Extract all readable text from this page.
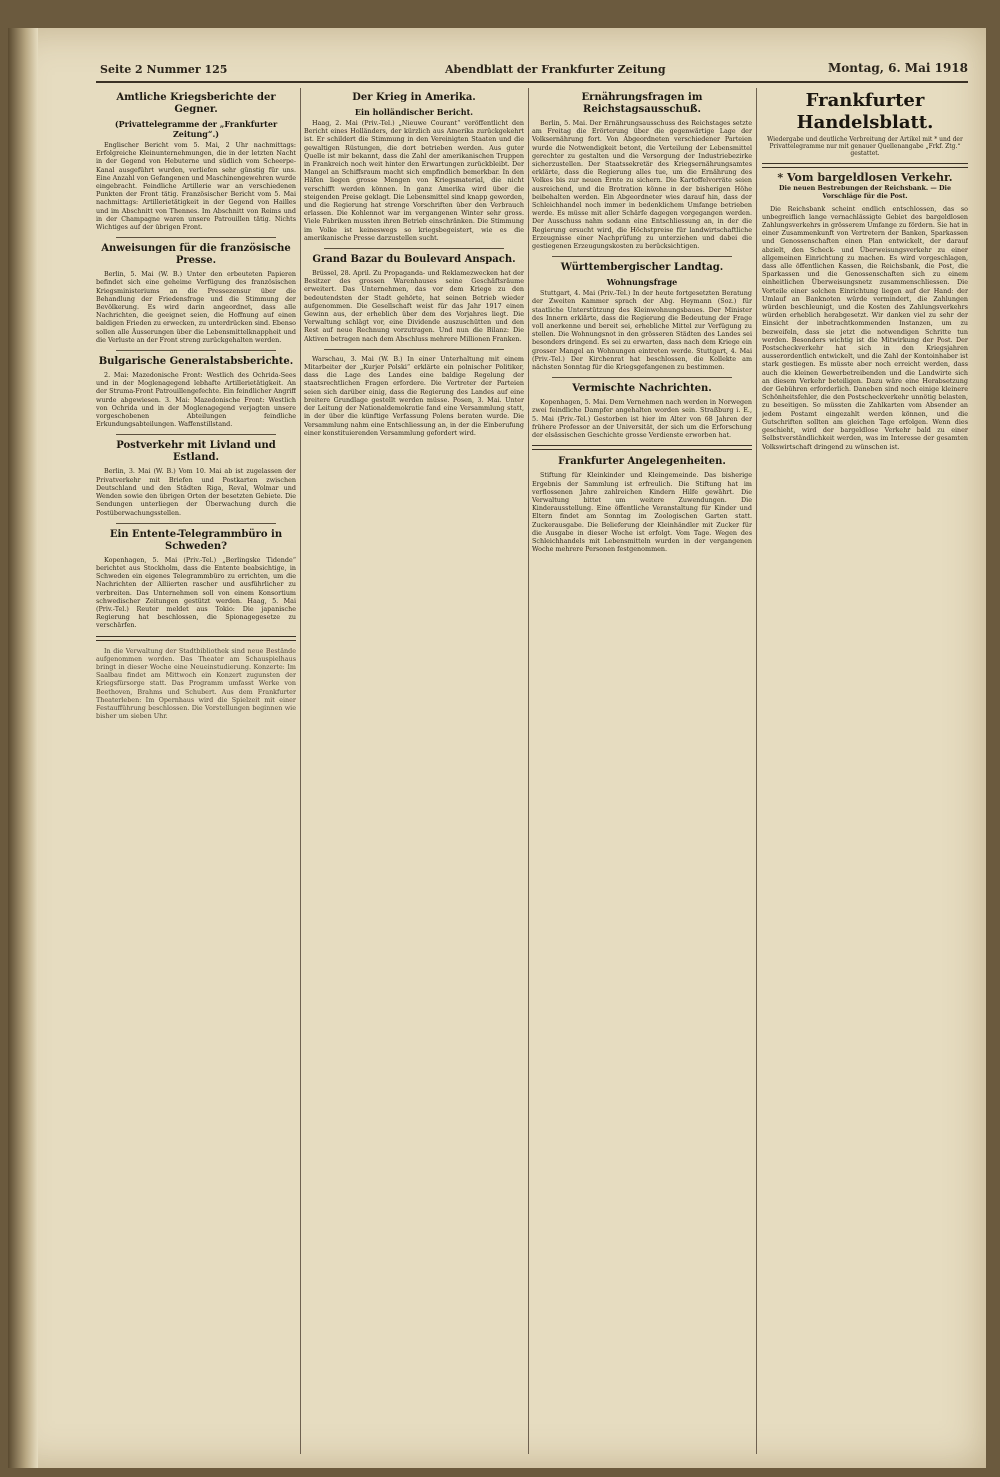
Seite 2 Nummer 125	Abendblatt der Frankfurter Zeitung	Montag, 6. Mai 1918
Amtliche Kriegsberichte der Gegner.
(Privattelegramme der „Frankfurter Zeitung“.)

Englischer Bericht vom 5. Mai, 2 Uhr nachmittags: Erfolgreiche Kleinunternehmungen, die in der letzten Nacht in der Gegend von Hebuterne und südlich vom Scheerpe-Kanal ausgeführt wurden, verliefen sehr günstig für uns. Eine Anzahl von Gefangenen und Maschinengewehren wurde eingebracht. Feindliche Artillerie war an verschiedenen Punkten der Front tätig. Französischer Bericht vom 5. Mai nachmittags: Artillerietätigkeit in der Gegend von Hailles und im Abschnitt von Thennes. Im Abschnitt von Reims und in der Champagne waren unsere Patrouillen tätig. Nichts Wichtiges auf der übrigen Front.

Anweisungen für die französische Presse.

Berlin, 5. Mai (W. B.) Unter den erbeuteten Papieren befindet sich eine geheime Verfügung des französischen Kriegsministeriums an die Pressezensur über die Behandlung der Friedensfrage und die Stimmung der Bevölkerung. Es wird darin angeordnet, dass alle Nachrichten, die geeignet seien, die Hoffnung auf einen baldigen Frieden zu erwecken, zu unterdrücken sind. Ebenso sollen alle Äusserungen über die Lebensmittelknappheit und die Verluste an der Front streng zurückgehalten werden.

Bulgarische Generalstabsberichte.

2. Mai: Mazedonische Front: Westlich des Ochrida-Sees und in der Moglenagegend lebhafte Artillerietätigkeit. An der Struma-Front Patrouillengefechte. Ein feindlicher Angriff wurde abgewiesen. 3. Mai: Mazedonische Front: Westlich von Ochrida und in der Moglenagegend verjagten unsere vorgeschobenen Abteilungen feindliche Erkundungsabteilungen. Waffenstillstand.

Postverkehr mit Livland und Estland.

Berlin, 3. Mai (W. B.) Vom 10. Mai ab ist zugelassen der Privatverkehr mit Briefen und Postkarten zwischen Deutschland und den Städten Riga, Reval, Wolmar und Wenden sowie den übrigen Orten der besetzten Gebiete. Die Sendungen unterliegen der Überwachung durch die Postüberwachungsstellen.

Ein Entente-Telegrammbüro in Schweden?

Kopenhagen, 5. Mai (Priv.-Tel.) „Berlingske Tidende“ berichtet aus Stockholm, dass die Entente beabsichtige, in Schweden ein eigenes Telegrammbüro zu errichten, um die Nachrichten der Alliierten rascher und ausführlicher zu verbreiten. Das Unternehmen soll von einem Konsortium schwedischer Zeitungen gestützt werden. Haag, 5. Mai (Priv.-Tel.) Reuter meldet aus Tokio: Die japanische Regierung hat beschlossen, die Spionagegesetze zu verschärfen.

In die Verwaltung der Stadtbibliothek sind neue Bestände aufgenommen worden. Das Theater am Schauspielhaus bringt in dieser Woche eine Neueinstudierung. Konzerte: Im Saalbau findet am Mittwoch ein Konzert zugunsten der Kriegsfürsorge statt. Das Programm umfasst Werke von Beethoven, Brahms und Schubert. Aus dem Frankfurter Theaterleben: Im Opernhaus wird die Spielzeit mit einer Festaufführung beschlossen. Die Vorstellungen beginnen wie bisher um sieben Uhr.

Der Krieg in Amerika.
Ein holländischer Bericht.

Haag, 2. Mai (Priv.-Tel.) „Nieuwe Courant“ veröffentlicht den Bericht eines Holländers, der kürzlich aus Amerika zurückgekehrt ist. Er schildert die Stimmung in den Vereinigten Staaten und die gewaltigen Rüstungen, die dort betrieben werden. Aus guter Quelle ist mir bekannt, dass die Zahl der amerikanischen Truppen in Frankreich noch weit hinter den Erwartungen zurückbleibt. Der Mangel an Schiffsraum macht sich empfindlich bemerkbar. In den Häfen liegen grosse Mengen von Kriegsmaterial, die nicht verschifft werden können. In ganz Amerika wird über die steigenden Preise geklagt. Die Lebensmittel sind knapp geworden, und die Regierung hat strenge Vorschriften über den Verbrauch erlassen. Die Kohlennot war im vergangenen Winter sehr gross. Viele Fabriken mussten ihren Betrieb einschränken. Die Stimmung im Volke ist keineswegs so kriegsbegeistert, wie es die amerikanische Presse darzustellen sucht.

Grand Bazar du Boulevard Anspach.

Brüssel, 28. April. Zu Propaganda- und Reklamezwecken hat der Besitzer des grossen Warenhauses seine Geschäftsräume erweitert. Das Unternehmen, das vor dem Kriege zu den bedeutendsten der Stadt gehörte, hat seinen Betrieb wieder aufgenommen. Die Gesellschaft weist für das Jahr 1917 einen Gewinn aus, der erheblich über dem des Vorjahres liegt. Die Verwaltung schlägt vor, eine Dividende auszuschütten und den Rest auf neue Rechnung vorzutragen. Und nun die Bilanz: Die Aktiven betragen nach dem Abschluss mehrere Millionen Franken.

Warschau, 3. Mai (W. B.) In einer Unterhaltung mit einem Mitarbeiter der „Kurjer Polski“ erklärte ein polnischer Politiker, dass die Lage des Landes eine baldige Regelung der staatsrechtlichen Fragen erfordere. Die Vertreter der Parteien seien sich darüber einig, dass die Regierung des Landes auf eine breitere Grundlage gestellt werden müsse. Posen, 3. Mai. Unter der Leitung der Nationaldemokratie fand eine Versammlung statt, in der über die künftige Verfassung Polens beraten wurde. Die Versammlung nahm eine Entschliessung an, in der die Einberufung einer konstituierenden Versammlung gefordert wird.

Ernährungsfragen im Reichstagsausschuß.

Berlin, 5. Mai. Der Ernährungsausschuss des Reichstages setzte am Freitag die Erörterung über die gegenwärtige Lage der Volksernährung fort. Von Abgeordneten verschiedener Parteien wurde die Notwendigkeit betont, die Verteilung der Lebensmittel gerechter zu gestalten und die Versorgung der Industriebezirke sicherzustellen. Der Staatssekretär des Kriegsernährungsamtes erklärte, dass die Regierung alles tue, um die Ernährung des Volkes bis zur neuen Ernte zu sichern. Die Kartoffelvorräte seien ausreichend, und die Brotration könne in der bisherigen Höhe beibehalten werden. Ein Abgeordneter wies darauf hin, dass der Schleichhandel noch immer in bedenklichem Umfange betrieben werde. Es müsse mit aller Schärfe dagegen vorgegangen werden. Der Ausschuss nahm sodann eine Entschliessung an, in der die Regierung ersucht wird, die Höchstpreise für landwirtschaftliche Erzeugnisse einer Nachprüfung zu unterziehen und dabei die gestiegenen Erzeugungskosten zu berücksichtigen.

Württembergischer Landtag.
Wohnungsfrage

Stuttgart, 4. Mai (Priv.-Tel.) In der heute fortgesetzten Beratung der Zweiten Kammer sprach der Abg. Heymann (Soz.) für staatliche Unterstützung des Kleinwohnungsbaues. Der Minister des Innern erklärte, dass die Regierung die Bedeutung der Frage voll anerkenne und bereit sei, erhebliche Mittel zur Verfügung zu stellen. Die Wohnungsnot in den grösseren Städten des Landes sei besonders dringend. Es sei zu erwarten, dass nach dem Kriege ein grosser Mangel an Wohnungen eintreten werde. Stuttgart, 4. Mai (Priv.-Tel.) Der Kirchenrat hat beschlossen, die Kollekte am nächsten Sonntag für die Kriegsgefangenen zu bestimmen.

Vermischte Nachrichten.

Kopenhagen, 5. Mai. Dem Vernehmen nach werden in Norwegen zwei feindliche Dampfer angehalten worden sein. Straßburg i. E., 5. Mai (Priv.-Tel.) Gestorben ist hier im Alter von 68 Jahren der frühere Professor an der Universität, der sich um die Erforschung der elsässischen Geschichte grosse Verdienste erworben hat.

Frankfurter Angelegenheiten.

Stiftung für Kleinkinder und Kleingemeinde. Das bisherige Ergebnis der Sammlung ist erfreulich. Die Stiftung hat im verflossenen Jahre zahlreichen Kindern Hilfe gewährt. Die Verwaltung bittet um weitere Zuwendungen. Die Kinderausstellung. Eine öffentliche Veranstaltung für Kinder und Eltern findet am Sonntag im Zoologischen Garten statt. Zuckerausgabe. Die Belieferung der Kleinhändler mit Zucker für die Ausgabe in dieser Woche ist erfolgt. Vom Tage. Wegen des Schleichhandels mit Lebensmitteln wurden in der vergangenen Woche mehrere Personen festgenommen.

Frankfurter Handelsblatt.
Wiedergabe und deutliche Verbreitung der Artikel mit * und der Privattelegramme nur mit genauer Quellenangabe „Frkf. Ztg.“ gestattet.
* Vom bargeldlosen Verkehr.
Die neuen Bestrebungen der Reichsbank. — Die Vorschläge für die Post.

Die Reichsbank scheint endlich entschlossen, das so unbegreiflich lange vernachlässigte Gebiet des bargeldlosen Zahlungsverkehrs in grösserem Umfange zu fördern. Sie hat in einer Zusammenkunft von Vertretern der Banken, Sparkassen und Genossenschaften einen Plan entwickelt, der darauf abzielt, den Scheck- und Überweisungsverkehr zu einer allgemeinen Einrichtung zu machen. Es wird vorgeschlagen, dass alle öffentlichen Kassen, die Reichsbank, die Post, die Sparkassen und die Genossenschaften sich zu einem einheitlichen Überweisungsnetz zusammenschliessen. Die Vorteile einer solchen Einrichtung liegen auf der Hand: der Umlauf an Banknoten würde vermindert, die Zahlungen würden beschleunigt, und die Kosten des Zahlungsverkehrs würden erheblich herabgesetzt. Wir danken viel zu sehr der Einsicht der inbetrachtkommenden Instanzen, um zu bezweifeln, dass sie jetzt die notwendigen Schritte tun werden. Besonders wichtig ist die Mitwirkung der Post. Der Postscheckverkehr hat sich in den Kriegsjahren ausserordentlich entwickelt, und die Zahl der Kontoinhaber ist stark gestiegen. Es müsste aber noch erreicht werden, dass auch die kleinen Gewerbetreibenden und die Landwirte sich an diesem Verkehr beteiligen. Dazu wäre eine Herabsetzung der Gebühren erforderlich. Daneben sind noch einige kleinere Schönheitsfehler, die den Postscheckverkehr unnötig belasten, zu beseitigen. So müssten die Zahlkarten vom Absender an jedem Postamt eingezahlt werden können, und die Gutschriften sollten am gleichen Tage erfolgen. Wenn dies geschieht, wird der bargeldlose Verkehr bald zu einer Selbstverständlichkeit werden, was im Interesse der gesamten Volkswirtschaft dringend zu wünschen ist.
